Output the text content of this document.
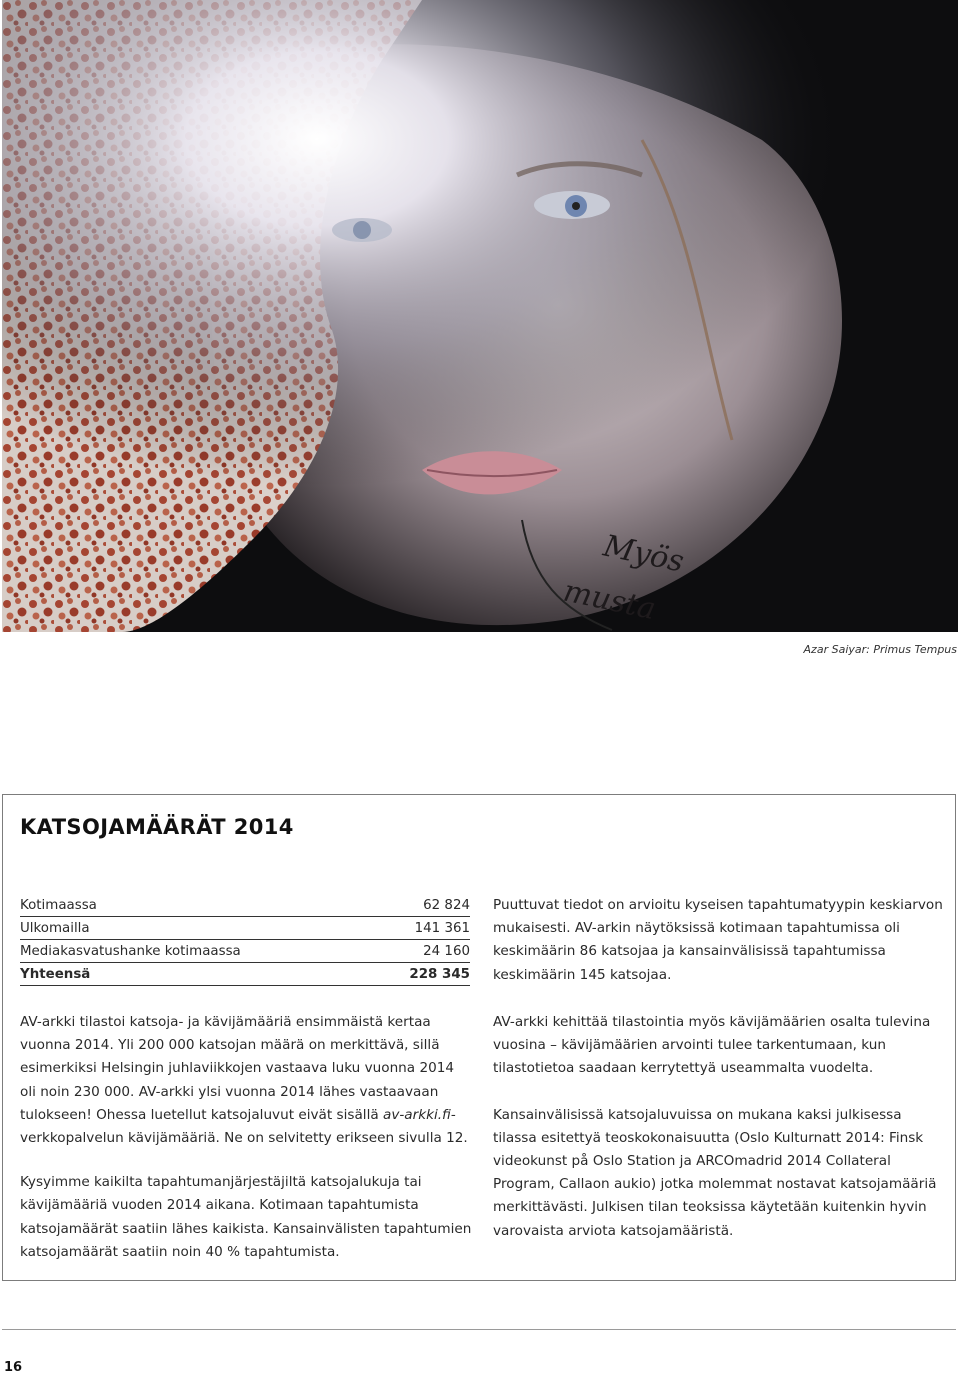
Myös
musta
Azar Saiyar: Primus Tempus
KATSOJAMÄÄRÄT 2014
Kotimaassa	62 824
Ulkomailla	141 361
Mediakasvatushanke kotimaassa	24 160
Yhteensä	228 345

Puuttuvat tiedot on arvioitu kyseisen tapahtumatyypin keskiarvon mukaisesti. AV-arkin näytöksissä kotimaan tapahtumissa oli keskimäärin 86 katsojaa ja kansainvälisissä tapahtumissa keskimäärin 145 katsojaa.

AV-arkki tilastoi katsoja- ja kävijämääriä ensimmäistä kertaa vuonna 2014. Yli 200 000 katsojan määrä on merkittävä, sillä esimerkiksi Helsingin juhlaviikkojen vastaava luku vuonna 2014 oli noin 230 000. AV-arkki ylsi vuonna 2014 lähes vastaavaan tulokseen! Ohessa luetellut katsojaluvut eivät sisällä av-arkki.fi-verkkopalvelun kävijämääriä. Ne on selvitetty erikseen sivulla 12.

Kysyimme kaikilta tapahtumanjärjestäjiltä katsojalukuja tai kävijämääriä vuoden 2014 aikana. Kotimaan tapahtumista katsojamäärät saatiin lähes kaikista. Kansainvälisten tapahtumien katsojamäärät saatiin noin 40 % tapahtumista.

AV-arkki kehittää tilastointia myös kävijämäärien osalta tulevina vuosina – kävijämäärien arvointi tulee tarkentumaan, kun tilastotietoa saadaan kerrytettyä useammalta vuodelta.

Kansainvälisissä katsojaluvuissa on mukana kaksi julkisessa tilassa esitettyä teoskokonaisuutta (Oslo Kulturnatt 2014: Finsk videokunst på Oslo Station ja ARCOmadrid 2014 Collateral Program, Callaon aukio) jotka molemmat nostavat katsojamääriä merkittävästi. Julkisen tilan teoksissa käytetään kuitenkin hyvin varovaista arviota katsojamääristä.

16
